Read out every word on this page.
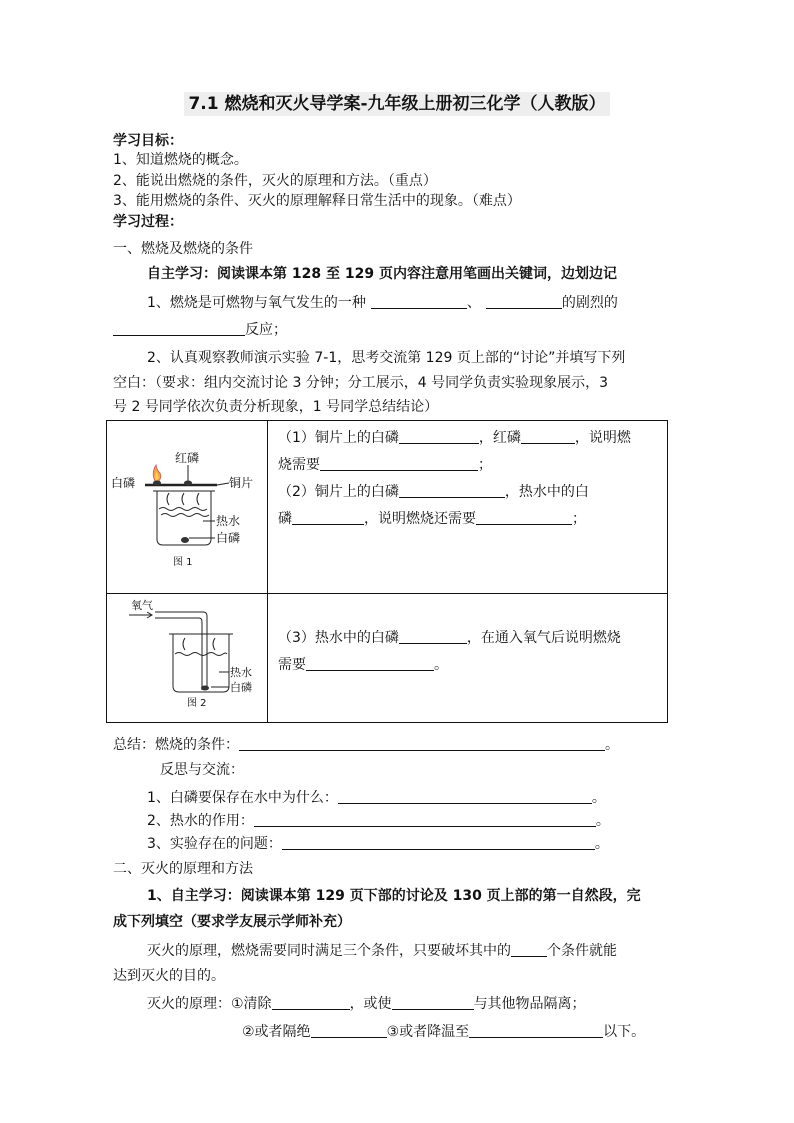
7.1 燃烧和灭火导学案-九年级上册初三化学（人教版）
学习目标：
1、知道燃烧的概念。
2、能说出燃烧的条件，灭火的原理和方法。（重点）
3、能用燃烧的条件、灭火的原理解释日常生活中的现象。（难点）
学习过程：
一、燃烧及燃烧的条件
自主学习：阅读课本第 128 至 129 页内容注意用笔画出关键词，边划边记
1、燃烧是可燃物与氧气发生的一种	、	的剧烈的
反应；
2、认真观察教师演示实验 7-1，思考交流第 129 页上部的“讨论”并填写下列
空白：（要求：组内交流讨论 3 分钟；分工展示，4 号同学负责实验现象展示，3
号 2 号同学依次负责分析现象，1 号同学总结结论）
红磷
白磷	铜片
热水
白磷
图 1
氧气
热水
白磷
图 2
（1）铜片上的白磷	，红磷	，说明燃
烧需要	；
（2）铜片上的白磷	，热水中的白
磷	，说明燃烧还需要	；
（3）热水中的白磷	，在通入氧气后说明燃烧
需要	。
总结：燃烧的条件：	。
反思与交流：
1、白磷要保存在水中为什么：	。
2、热水的作用：	。
3、实验存在的问题：	。
二、灭火的原理和方法
1、自主学习：阅读课本第 129 页下部的讨论及 130 页上部的第一自然段，完
成下列填空（要求学友展示学师补充）
灭火的原理，燃烧需要同时满足三个条件，只要破坏其中的	个条件就能
达到灭火的目的。
灭火的原理：①清除	，或使	与其他物品隔离；
②或者隔绝	③或者降温至	以下。
